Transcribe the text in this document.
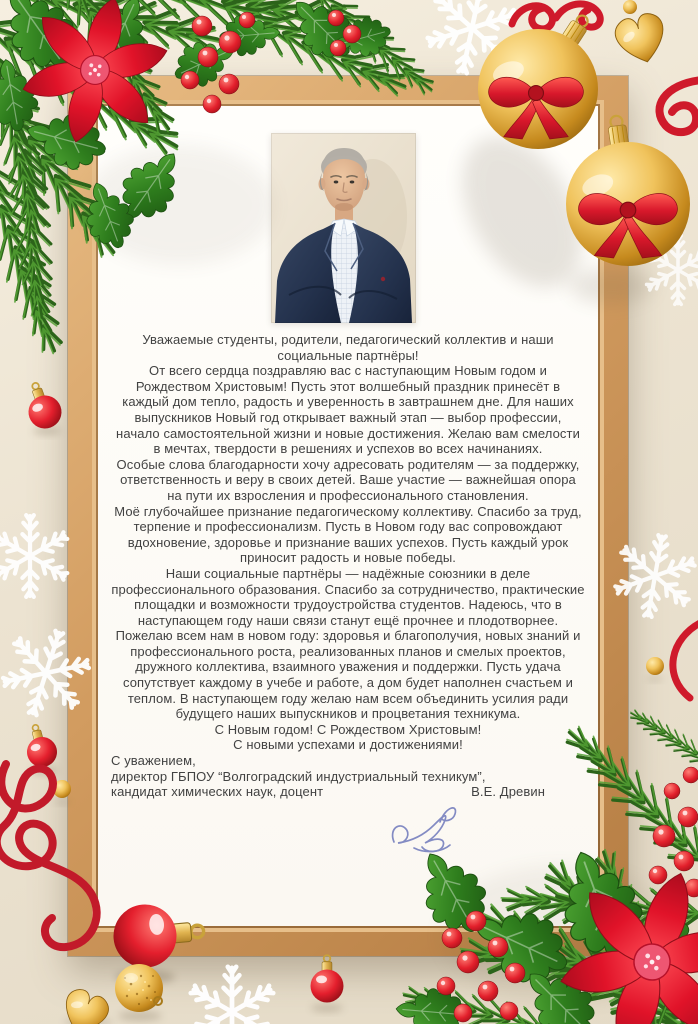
Уважаемые студенты, родители, педагогический коллектив и наши социальные партнёры!

От всего сердца поздравляю вас с наступающим Новым годом и Рождеством Христовым! Пусть этот волшебный праздник принесёт в каждый дом тепло, радость и уверенность в завтрашнем дне. Для наших выпускников Новый год открывает важный этап — выбор профессии, начало самостоятельной жизни и новые достижения. Желаю вам смелости в мечтах, твердости в решениях и успехов во всех начинаниях.

Особые слова благодарности хочу адресовать родителям — за поддержку, ответственность и веру в своих детей. Ваше участие — важнейшая опора на пути их взросления и профессионального становления.

Моё глубочайшее признание педагогическому коллективу. Спасибо за труд, терпение и профессионализм. Пусть в Новом году вас сопровождают вдохновение, здоровье и признание ваших успехов. Пусть каждый урок приносит радость и новые победы.

Наши социальные партнёры — надёжные союзники в деле профессионального образования. Спасибо за сотрудничество, практические площадки и возможности трудоустройства студентов. Надеюсь, что в наступающем году наши связи станут ещё прочнее и плодотворнее.

Пожелаю всем нам в новом году: здоровья и благополучия, новых знаний и профессионального роста, реализованных планов и смелых проектов, дружного коллектива, взаимного уважения и поддержки. Пусть удача сопутствует каждому в учебе и работе, а дом будет наполнен счастьем и теплом. В наступающем году желаю нам всем объединить усилия ради будущего наших выпускников и процветания техникума.

С Новым годом! С Рождеством Христовым!

С новыми успехами и достижениями!

С уважением,

директор ГБПОУ “Волгоградский индустриальный техникум”,

кандидат химических наук, доцент	В.Е. Древин
